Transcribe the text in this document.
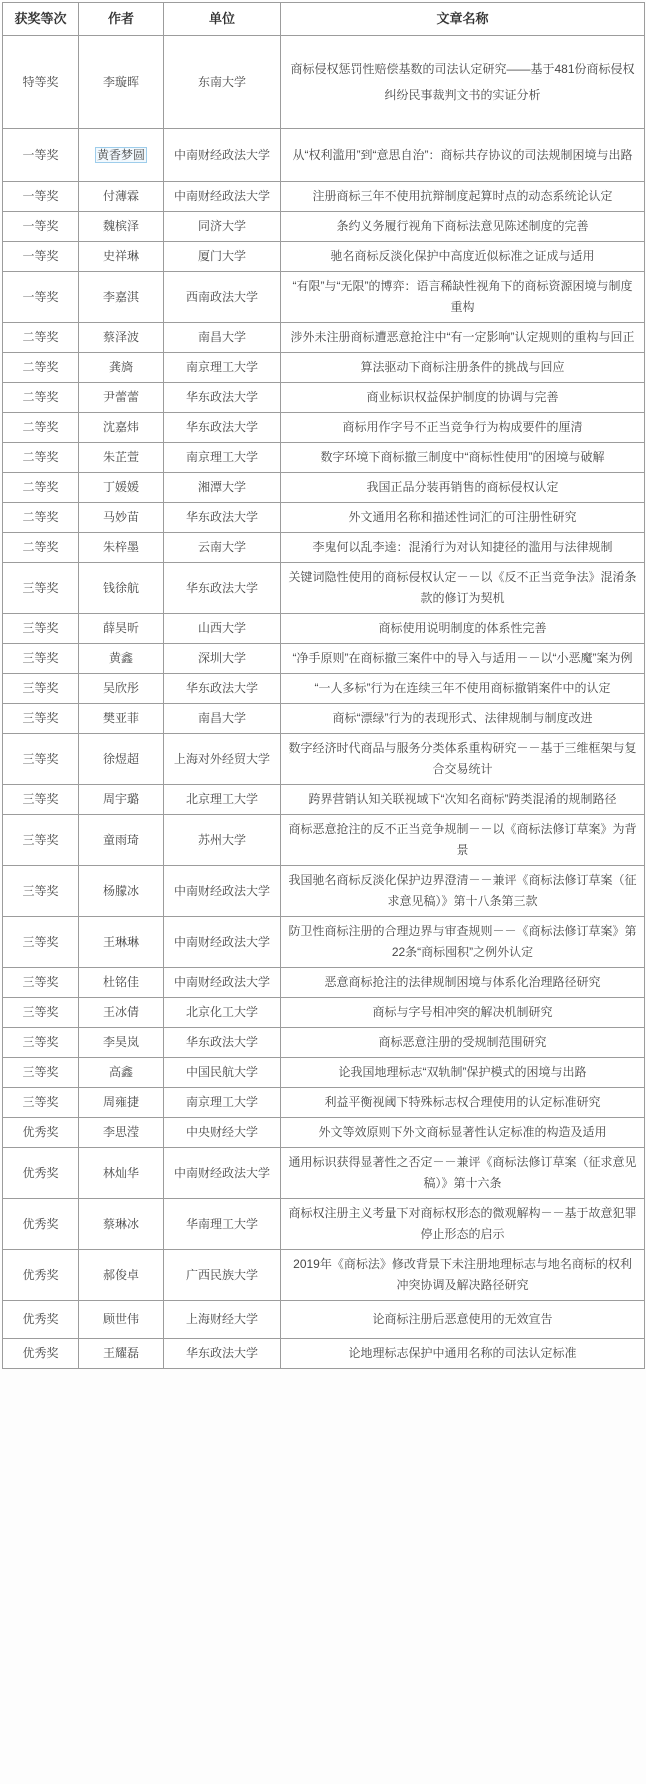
获奖等次	作者	单位	文章名称
特等奖	李璇晖	东南大学	商标侵权惩罚性赔偿基数的司法认定研究——基于481份商标侵权纠纷民事裁判文书的实证分析
一等奖	黄香梦圆	中南财经政法大学	从“权利滥用”到“意思自治”：商标共存协议的司法规制困境与出路
一等奖	付薄霖	中南财经政法大学	注册商标三年不使用抗辩制度起算时点的动态系统论认定
一等奖	魏槟泽	同济大学	条约义务履行视角下商标法意见陈述制度的完善
一等奖	史祥琳	厦门大学	驰名商标反淡化保护中高度近似标准之证成与适用
一等奖	李嘉淇	西南政法大学	“有限”与“无限”的博弈：语言稀缺性视角下的商标资源困境与制度重构
二等奖	蔡泽波	南昌大学	涉外未注册商标遭恶意抢注中“有一定影响”认定规则的重构与回正
二等奖	龚旖	南京理工大学	算法驱动下商标注册条件的挑战与回应
二等奖	尹蕾蕾	华东政法大学	商业标识权益保护制度的协调与完善
二等奖	沈嘉炜	华东政法大学	商标用作字号不正当竞争行为构成要件的厘清
二等奖	朱芷萱	南京理工大学	数字环境下商标撤三制度中“商标性使用”的困境与破解
二等奖	丁媛媛	湘潭大学	我国正品分装再销售的商标侵权认定
二等奖	马妙苗	华东政法大学	外文通用名称和描述性词汇的可注册性研究
二等奖	朱梓墨	云南大学	李鬼何以乱李逵：混淆行为对认知捷径的滥用与法律规制
三等奖	钱徐航	华东政法大学	关键词隐性使用的商标侵权认定－－以《反不正当竞争法》混淆条款的修订为契机
三等奖	薛昊昕	山西大学	商标使用说明制度的体系性完善
三等奖	黄鑫	深圳大学	“净手原则”在商标撤三案件中的导入与适用－－以“小恶魔”案为例
三等奖	吴欣彤	华东政法大学	“一人多标”行为在连续三年不使用商标撤销案件中的认定
三等奖	樊亚菲	南昌大学	商标“漂绿”行为的表现形式、法律规制与制度改进
三等奖	徐煜超	上海对外经贸大学	数字经济时代商品与服务分类体系重构研究－－基于三维框架与复合交易统计
三等奖	周宇璐	北京理工大学	跨界营销认知关联视域下“次知名商标”跨类混淆的规制路径
三等奖	童雨琦	苏州大学	商标恶意抢注的反不正当竞争规制－－以《商标法修订草案》为背景
三等奖	杨朦冰	中南财经政法大学	我国驰名商标反淡化保护边界澄清－－兼评《商标法修订草案（征求意见稿）》第十八条第三款
三等奖	王琳琳	中南财经政法大学	防卫性商标注册的合理边界与审查规则－－《商标法修订草案》第22条“商标囤积”之例外认定
三等奖	杜铭佳	中南财经政法大学	恶意商标抢注的法律规制困境与体系化治理路径研究
三等奖	王冰倩	北京化工大学	商标与字号相冲突的解决机制研究
三等奖	李昊岚	华东政法大学	商标恶意注册的受规制范围研究
三等奖	高鑫	中国民航大学	论我国地理标志“双轨制”保护模式的困境与出路
三等奖	周雍捷	南京理工大学	利益平衡视阈下特殊标志权合理使用的认定标准研究
优秀奖	李思滢	中央财经大学	外文等效原则下外文商标显著性认定标准的构造及适用
优秀奖	林灿华	中南财经政法大学	通用标识获得显著性之否定－－兼评《商标法修订草案（征求意见稿）》第十六条
优秀奖	蔡琳冰	华南理工大学	商标权注册主义考量下对商标权形态的微观解构－－基于故意犯罪停止形态的启示
优秀奖	郝俊卓	广西民族大学	2019年《商标法》修改背景下未注册地理标志与地名商标的权利冲突协调及解决路径研究
优秀奖	顾世伟	上海财经大学	论商标注册后恶意使用的无效宣告
优秀奖	王耀磊	华东政法大学	论地理标志保护中通用名称的司法认定标准
